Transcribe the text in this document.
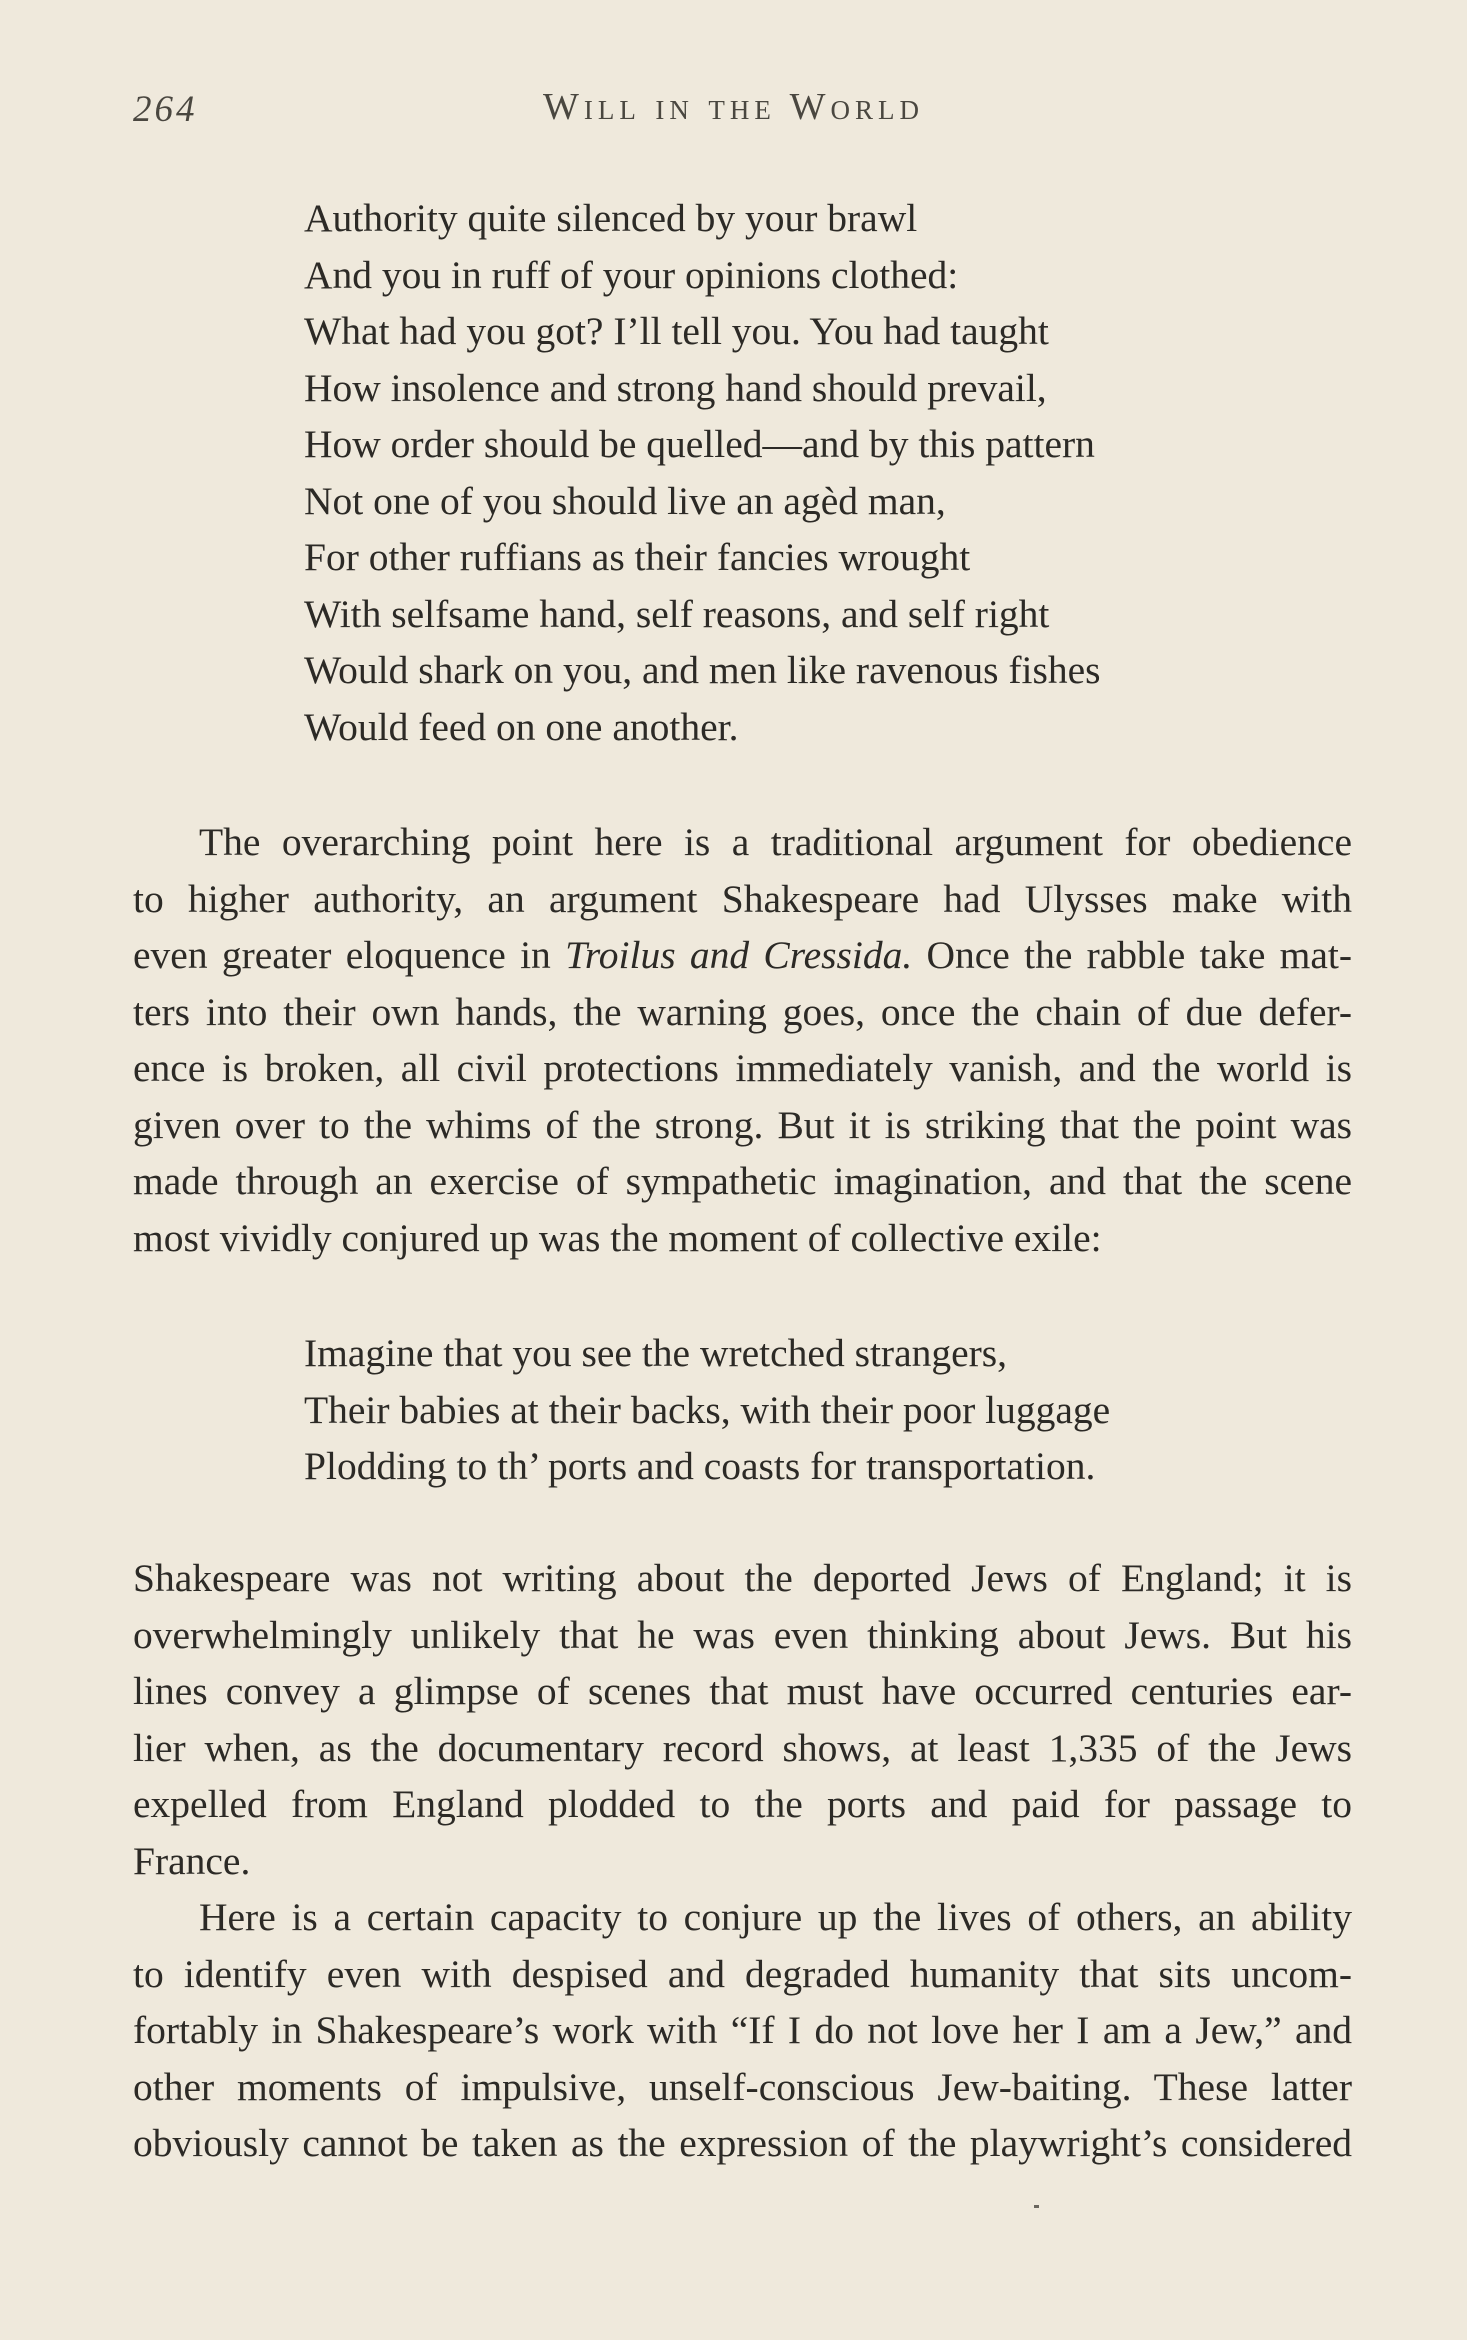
264	Will in the World
Authority quite silenced by your brawl
And you in ruff of your opinions clothed:
What had you got? I’ll tell you. You had taught
How insolence and strong hand should prevail,
How order should be quelled—and by this pattern
Not one of you should live an agèd man,
For other ruffians as their fancies wrought
With selfsame hand, self reasons, and self right
Would shark on you, and men like ravenous fishes
Would feed on one another.

The overarching point here is a traditional argument for obedience
to higher authority, an argument Shakespeare had Ulysses make with
even greater eloquence in Troilus and Cressida. Once the rabble take mat-
ters into their own hands, the warning goes, once the chain of due defer-
ence is broken, all civil protections immediately vanish, and the world is
given over to the whims of the strong. But it is striking that the point was
made through an exercise of sympathetic imagination, and that the scene
most vividly conjured up was the moment of collective exile:

Imagine that you see the wretched strangers,
Their babies at their backs, with their poor luggage
Plodding to th’ ports and coasts for transportation.
Shakespeare was not writing about the deported Jews of England; it is
overwhelmingly unlikely that he was even thinking about Jews. But his
lines convey a glimpse of scenes that must have occurred centuries ear-
lier when, as the documentary record shows, at least 1,335 of the Jews
expelled from England plodded to the ports and paid for passage to
France.
Here is a certain capacity to conjure up the lives of others, an ability
to identify even with despised and degraded humanity that sits uncom-
fortably in Shakespeare’s work with “If I do not love her I am a Jew,” and
other moments of impulsive, unself-conscious Jew-baiting. These latter
obviously cannot be taken as the expression of the playwright’s considered
